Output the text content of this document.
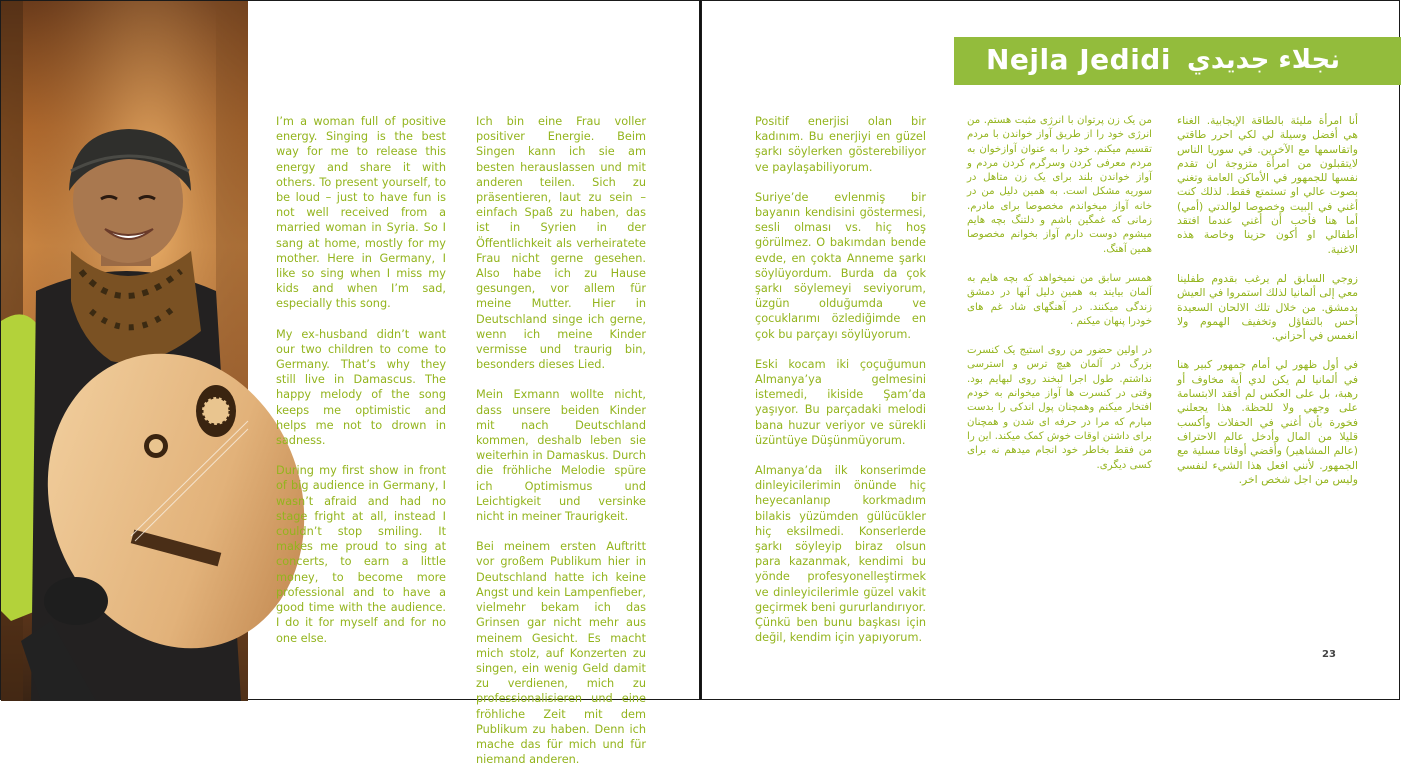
I’m a woman full of positive energy. Singing is the best way for me to release this energy and share it with others. To present yourself, to be loud – just to have fun is not well received from a married woman in Syria. So I sang at home, mostly for my mother. Here in Germany, I like so sing when I miss my kids and when I’m sad, especially this song.

My ex-husband didn’t want our two children to come to Germany. That’s why they still live in Damascus. The happy melody of the song keeps me optimistic and helps me not to drown in sadness.

During my first show in front of big audience in Germany, I wasn’t afraid and had no stage fright at all, instead I couldn’t stop smiling. It makes me proud to sing at concerts, to earn a little money, to become more professional and to have a good time with the audience. I do it for myself and for no one else.

Ich bin eine Frau voller positiver Energie. Beim Singen kann ich sie am besten herauslassen und mit anderen teilen. Sich zu präsentieren, laut zu sein – einfach Spaß zu haben, das ist in Syrien in der Öffentlichkeit als verheiratete Frau nicht gerne gesehen. Also habe ich zu Hause gesungen, vor allem für meine Mutter. Hier in Deutschland singe ich gerne, wenn ich meine Kinder vermisse und traurig bin, besonders dieses Lied.

Mein Exmann wollte nicht, dass unsere beiden Kinder mit nach Deutschland kommen, deshalb leben sie weiterhin in Damaskus. Durch die fröhliche Melodie spüre ich Optimismus und Leichtigkeit und versinke nicht in meiner Traurigkeit.

Bei meinem ersten Auftritt vor großem Publikum hier in Deutschland hatte ich keine Angst und kein Lampenfieber, vielmehr bekam ich das Grinsen gar nicht mehr aus meinem Gesicht. Es macht mich stolz, auf Konzerten zu singen, ein wenig Geld damit zu verdienen, mich zu professionalisieren und eine fröhliche Zeit mit dem Publikum zu haben. Denn ich mache das für mich und für niemand anderen.

Nejla Jedidi نجلاء جديدي

Positif enerjisi olan bir kadınım. Bu enerjiyi en güzel şarkı söylerken gösterebiliyor ve paylaşabiliyorum.

Suriye’de evlenmiş bir bayanın kendisini göstermesi, sesli olması vs. hiç hoş görülmez. O bakımdan bende evde, en çokta Anneme şarkı söylüyordum. Burda da çok şarkı söylemeyi seviyorum, üzgün olduğumda ve çocuklarımı özlediğimde en çok bu parçayı söylüyorum.

Eski kocam iki çoçuğumun Almanya’ya gelmesini istemedi, ikiside Şam’da yaşıyor. Bu parçadaki melodi bana huzur veriyor ve sürekli üzüntüye Düşünmüyorum.

Almanya’da ilk konserimde dinleyicilerimin önünde hiç heyecanlanıp korkmadım bilakis yüzümden gülücükler hiç eksilmedi. Konserlerde şarkı söyleyip biraz olsun para kazanmak, kendimi bu yönde profesyonelleştirmek ve dinleyicilerimle güzel vakit geçirmek beni gururlandırıyor. Çünkü ben bunu başkası için değil, kendim için yapıyorum.

من یک زن پرتوان با انرژی مثبت هستم. من انرژی خود را از طریق آواز خواندن با مردم تقسیم میکنم. خود را به عنوان آوازخوان به مردم معرفی کردن وسرگرم کردن مردم و آواز خواندن بلند برای یک زن متاهل در سوریه مشکل است. به همین دلیل من در خانه آواز میخواندم مخصوصا برای مادرم. زمانی که غمگین باشم و دلتنگ بچه هایم میشوم دوست دارم آواز بخوانم مخصوصا همین آهنگ.

همسر سابق من نمیخواهد که بچه هایم به آلمان بیایند به همین دلیل آنها در دمشق زندگی میکنند. در آهنگهای شاد غم های خودرا پنهان میکنم .

در اولین حضور من روی استیج یک کنسرت بزرگ در آلمان هیچ ترس و استرسی نداشتم. طول اجرا لبخند روی لبهایم بود. وقتی در کنسرت ها آواز میخوانم به خودم افتخار میکنم وهمچنان پول اندکی را بدست میارم که مرا در حرفه ای شدن و همچنان برای داشتن اوقات خوش کمک میکند. این را من فقط بخاطر خود انجام میدهم نه برای کسی دیگری.

أنا امرأة مليئة بالطاقة الإيجابية. الغناء هي أفضل وسيلة لي لكي احرر طاقتي واتقاسمها مع الآخرين. في سوريا الناس لايتقبلون من امرأة متزوجة ان تقدم نفسها للجمهور في الأماكن العامة وتغني بصوت عالي او تستمتع فقط. لذلك كنت أغني في البيت وخصوصا لوالدتي (أمي) أما هنا فأحب أن أغني عندما افتقد أطفالي او أكون حزينا وخاصة هذه الاغنية.

زوجي السابق لم يرغب بقدوم طفلينا معي إلى ألمانيا لذلك استمروا في العيش بدمشق. من خلال تلك الالحان السعيدة أحس بالتفاؤل وتخفيف الهموم ولا انغمس في أحزاني.

في أول ظهور لي أمام جمهور كبير هنا في ألمانيا لم يكن لدي أية مخاوف أو رهبة، بل على العكس لم أفقد الابتسامة على وجهي ولا للحظة. هذا يجعلني فخورة بأن أغني في الحفلات وأكسب قليلا من المال وأدخل عالم الاحتراف (عالم المشاهير) وأقضي أوقاتا مسلية مع الجمهور. لأنني افعل هذا الشيء لنفسي وليس من اجل شخص اخر.

23
